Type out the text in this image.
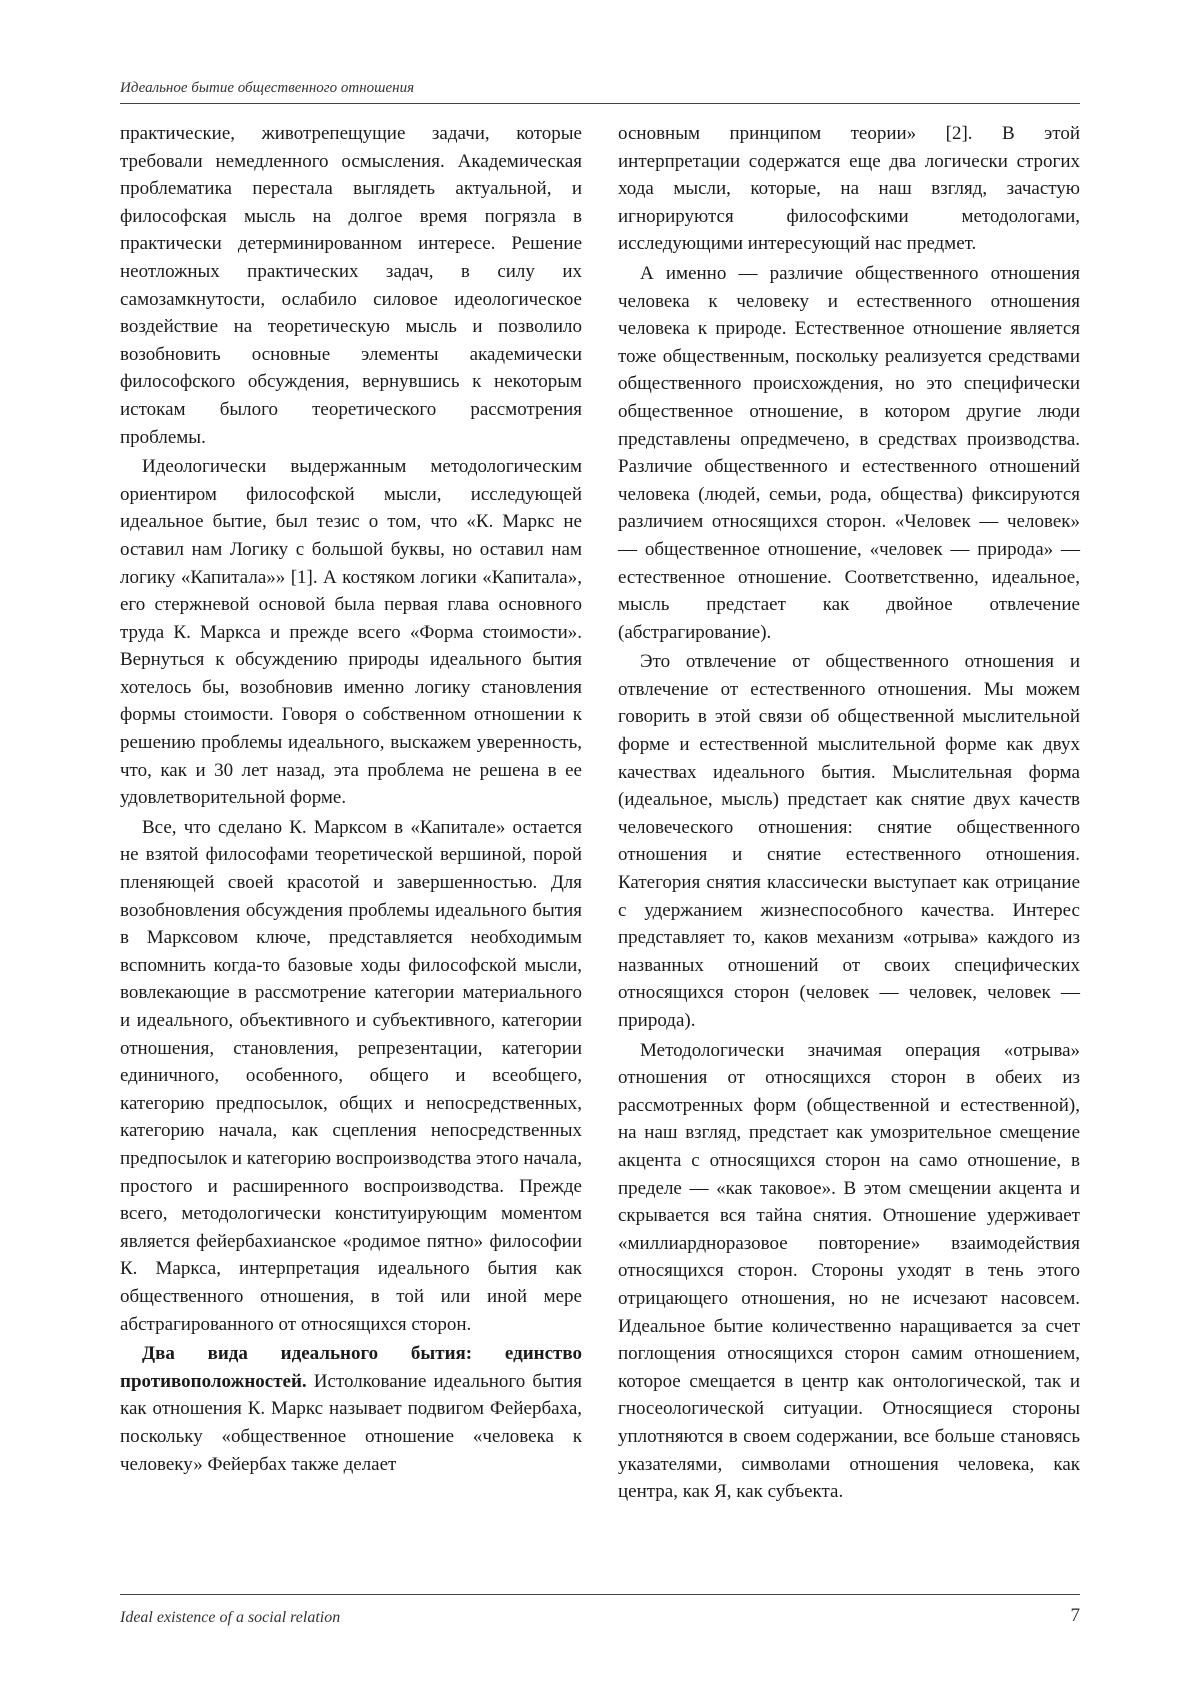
Идеальное бытие общественного отношения

практические, животрепещущие задачи, которые требовали немедленного осмысления. Академическая проблематика перестала выглядеть актуальной, и философская мысль на долгое время погрязла в практически детерминированном интересе. Решение неотложных практических задач, в силу их самозамкнутости, ослабило силовое идеологическое воздействие на теоретическую мысль и позволило возобновить основные элементы академически философского обсуждения, вернувшись к некоторым истокам былого теоретического рассмотрения проблемы.

Идеологически выдержанным методологическим ориентиром философской мысли, исследующей идеальное бытие, был тезис о том, что «К. Маркс не оставил нам Логику с большой буквы, но оставил нам логику «Капитала»» [1]. А костяком логики «Капитала», его стержневой основой была первая глава основного труда К. Маркса и прежде всего «Форма стоимости». Вернуться к обсуждению природы идеального бытия хотелось бы, возобновив именно логику становления формы стоимости. Говоря о собственном отношении к решению проблемы идеального, выскажем уверенность, что, как и 30 лет назад, эта проблема не решена в ее удовлетворительной форме.

Все, что сделано К. Марксом в «Капитале» остается не взятой философами теоретической вершиной, порой пленяющей своей красотой и завершенностью. Для возобновления обсуждения проблемы идеального бытия в Марксовом ключе, представляется необходимым вспомнить когда-то базовые ходы философской мысли, вовлекающие в рассмотрение категории материального и идеального, объективного и субъективного, категории отношения, становления, репрезентации, категории единичного, особенного, общего и всеобщего, категорию предпосылок, общих и непосредственных, категорию начала, как сцепления непосредственных предпосылок и категорию воспроизводства этого начала, простого и расширенного воспроизводства. Прежде всего, методологически конституирующим моментом является фейербахианское «родимое пятно» философии К. Маркса, интерпретация идеального бытия как общественного отношения, в той или иной мере абстрагированного от относящихся сторон.

Два вида идеального бытия: единство противоположностей. Истолкование идеального бытия как отношения К. Маркс называет подвигом Фейербаха, поскольку «общественное отношение «человека к человеку» Фейербах также делает

основным принципом теории» [2]. В этой интерпретации содержатся еще два логически строгих хода мысли, которые, на наш взгляд, зачастую игнорируются философскими методологами, исследующими интересующий нас предмет.

А именно — различие общественного отношения человека к человеку и естественного отношения человека к природе. Естественное отношение является тоже общественным, поскольку реализуется средствами общественного происхождения, но это специфически общественное отношение, в котором другие люди представлены опредмечено, в средствах производства. Различие общественного и естественного отношений человека (людей, семьи, рода, общества) фиксируются различием относящихся сторон. «Человек — человек» — общественное отношение, «человек — природа» — естественное отношение. Соответственно, идеальное, мысль предстает как двойное отвлечение (абстрагирование).

Это отвлечение от общественного отношения и отвлечение от естественного отношения. Мы можем говорить в этой связи об общественной мыслительной форме и естественной мыслительной форме как двух качествах идеального бытия. Мыслительная форма (идеальное, мысль) предстает как снятие двух качеств человеческого отношения: снятие общественного отношения и снятие естественного отношения. Категория снятия классически выступает как отрицание с удержанием жизнеспособного качества. Интерес представляет то, каков механизм «отрыва» каждого из названных отношений от своих специфических относящихся сторон (человек — человек, человек — природа).

Методологически значимая операция «отрыва» отношения от относящихся сторон в обеих из рассмотренных форм (общественной и естественной), на наш взгляд, предстает как умозрительное смещение акцента с относящихся сторон на само отношение, в пределе — «как таковое». В этом смещении акцента и скрывается вся тайна снятия. Отношение удерживает «миллиардноразовое повторение» взаимодействия относящихся сторон. Стороны уходят в тень этого отрицающего отношения, но не исчезают насовсем. Идеальное бытие количественно наращивается за счет поглощения относящихся сторон самим отношением, которое смещается в центр как онтологической, так и гносеологической ситуации. Относящиеся стороны уплотняются в своем содержании, все больше становясь указателями, символами отношения человека, как центра, как Я, как субъекта.

Ideal existence of a social relation	7
